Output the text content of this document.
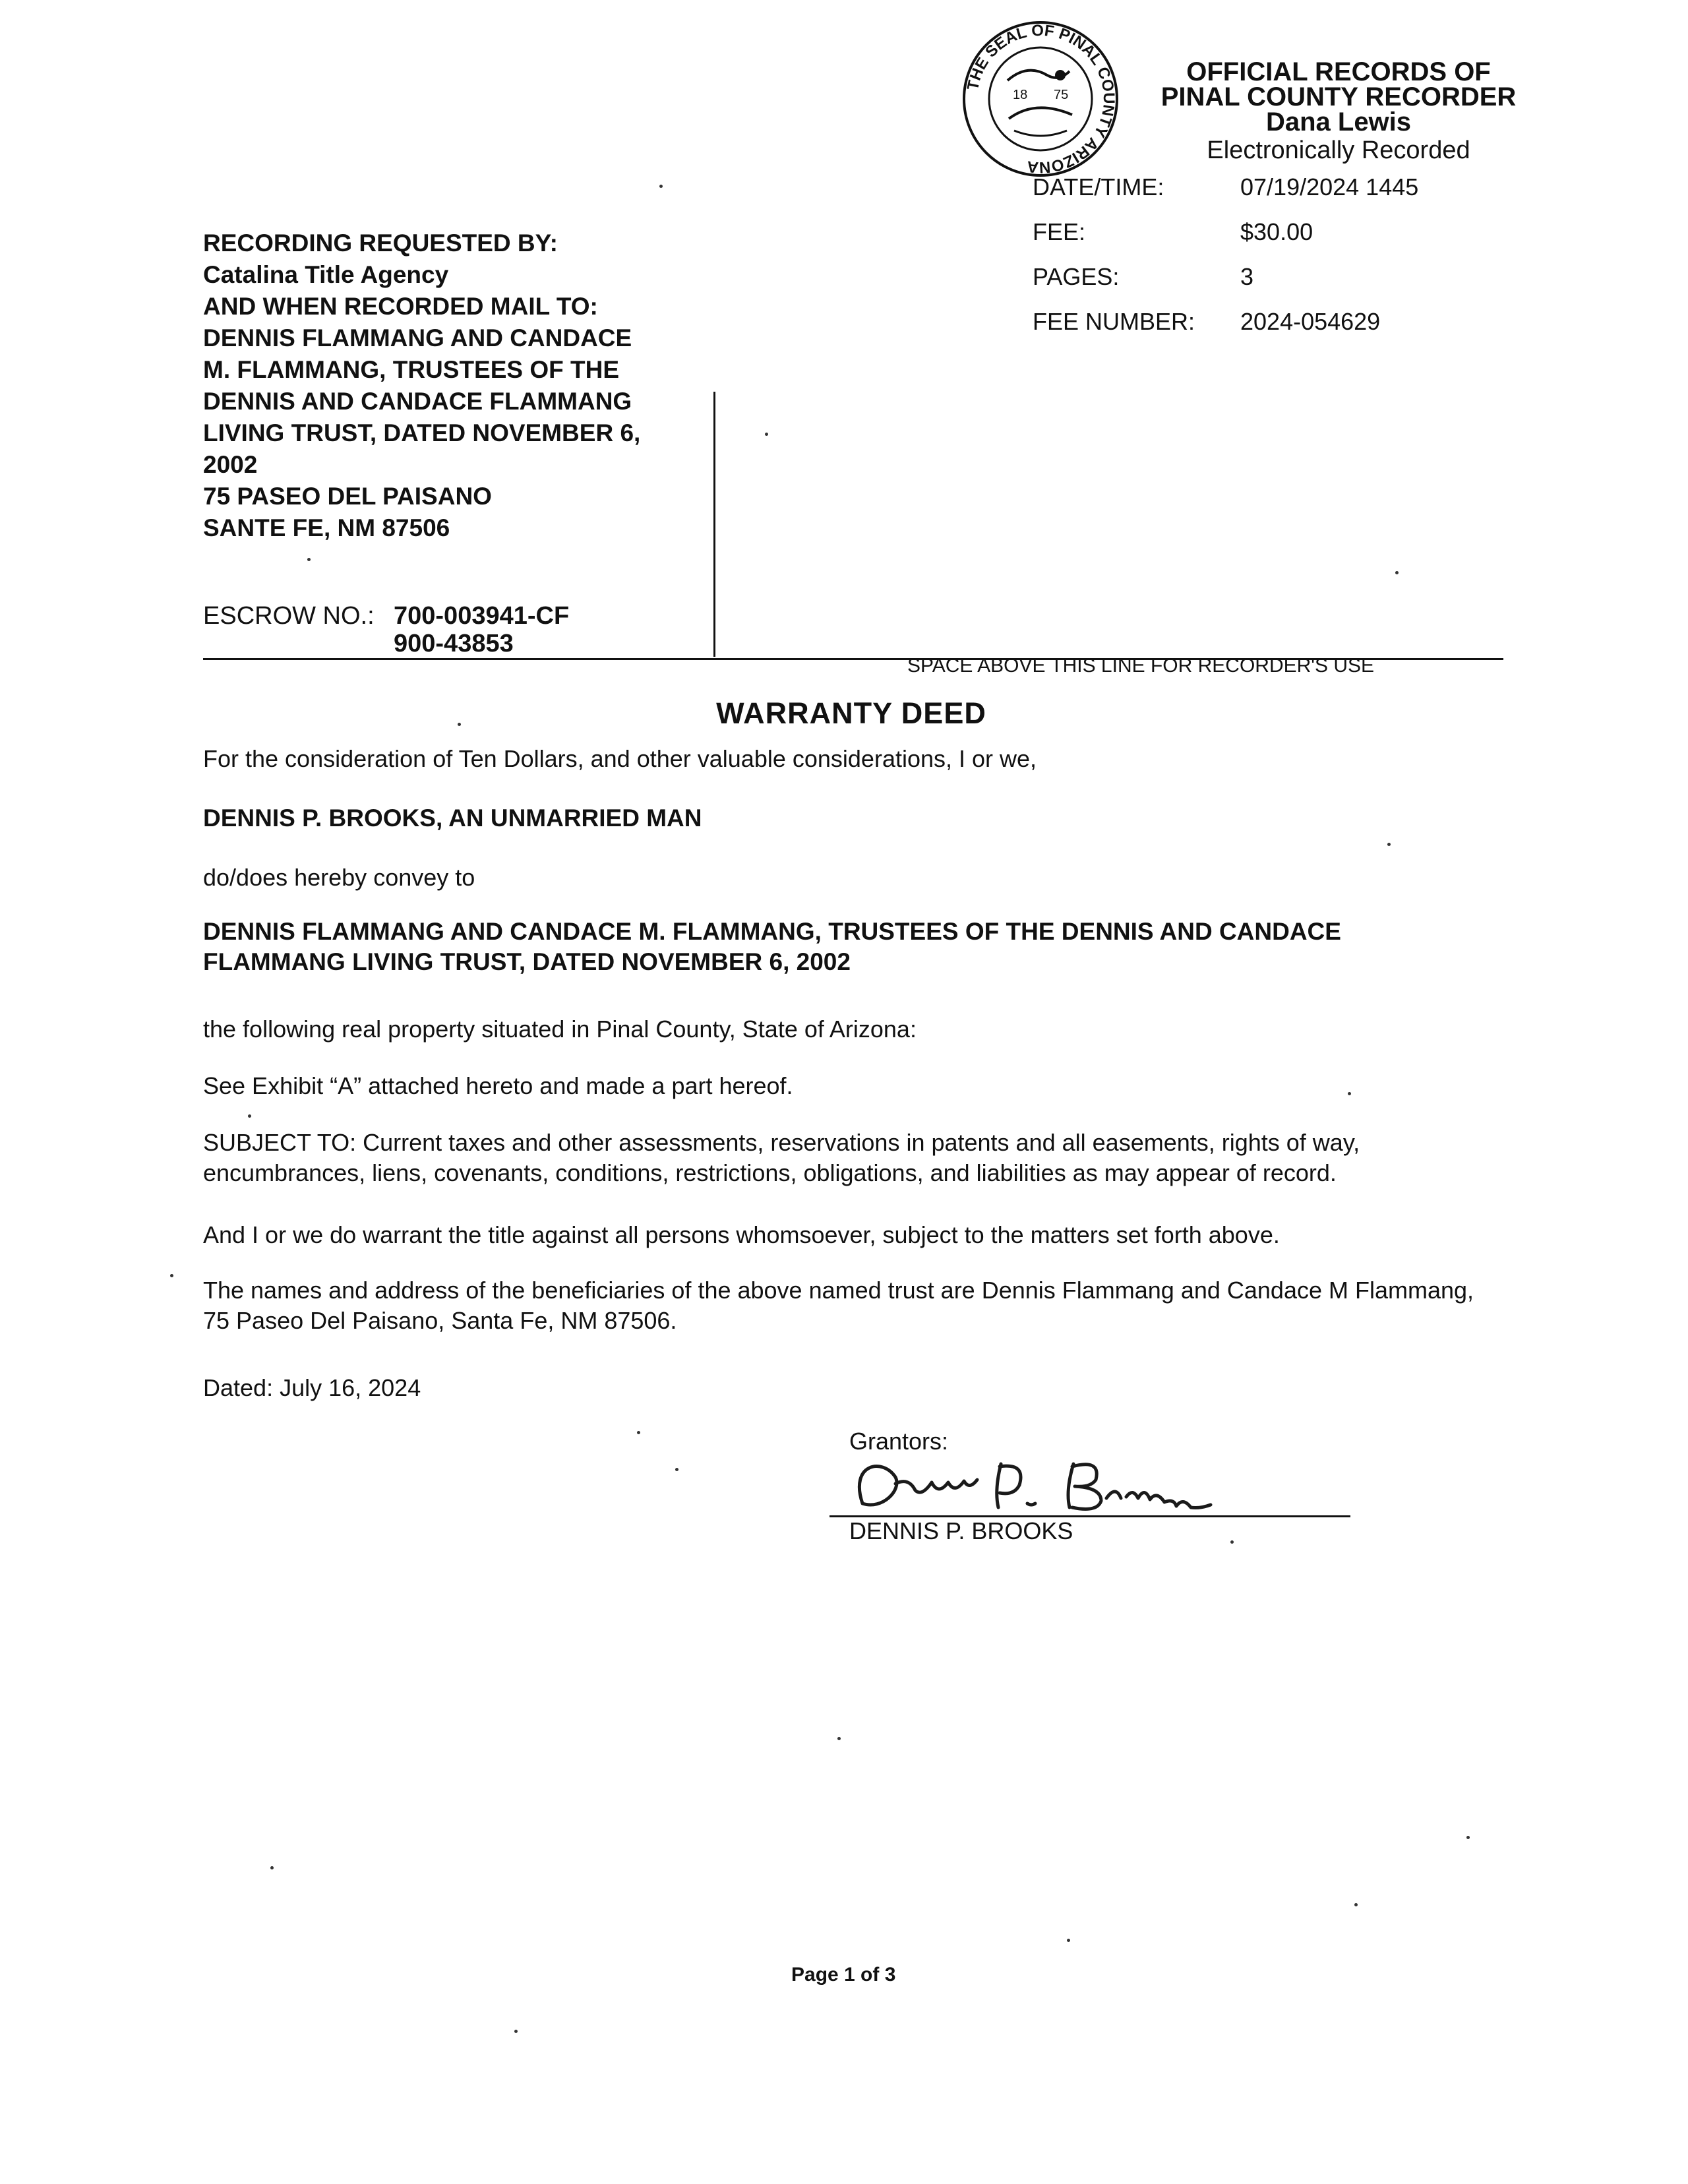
THE SEAL OF PINAL COUNTY ARIZONA
18 75
OFFICIAL RECORDS OF
PINAL COUNTY RECORDER
Dana Lewis
Electronically Recorded
DATE/TIME:	07/19/2024 1445
FEE:	$30.00
PAGES:	3
FEE NUMBER: 2024-054629
RECORDING REQUESTED BY:
Catalina Title Agency
AND WHEN RECORDED MAIL TO:
DENNIS FLAMMANG AND CANDACE
M. FLAMMANG, TRUSTEES OF THE
DENNIS AND CANDACE FLAMMANG
LIVING TRUST, DATED NOVEMBER 6,
2002
75 PASEO DEL PAISANO
SANTE FE, NM 87506
ESCROW NO.: 700-003941-CF
900-43853
SPACE ABOVE THIS LINE FOR RECORDER'S USE
WARRANTY DEED
For the consideration of Ten Dollars, and other valuable considerations, I or we,
DENNIS P. BROOKS, AN UNMARRIED MAN
do/does hereby convey to
DENNIS FLAMMANG AND CANDACE M. FLAMMANG, TRUSTEES OF THE DENNIS AND CANDACE FLAMMANG LIVING TRUST, DATED NOVEMBER 6, 2002
the following real property situated in Pinal County, State of Arizona:
See Exhibit “A” attached hereto and made a part hereof.
SUBJECT TO: Current taxes and other assessments, reservations in patents and all easements, rights of way, encumbrances, liens, covenants, conditions, restrictions, obligations, and liabilities as may appear of record.
And I or we do warrant the title against all persons whomsoever, subject to the matters set forth above.
The names and address of the beneficiaries of the above named trust are Dennis Flammang and Candace M Flammang, 75 Paseo Del Paisano, Santa Fe, NM 87506.
Dated: July 16, 2024
Grantors:
DENNIS P. BROOKS
Page 1 of 3
